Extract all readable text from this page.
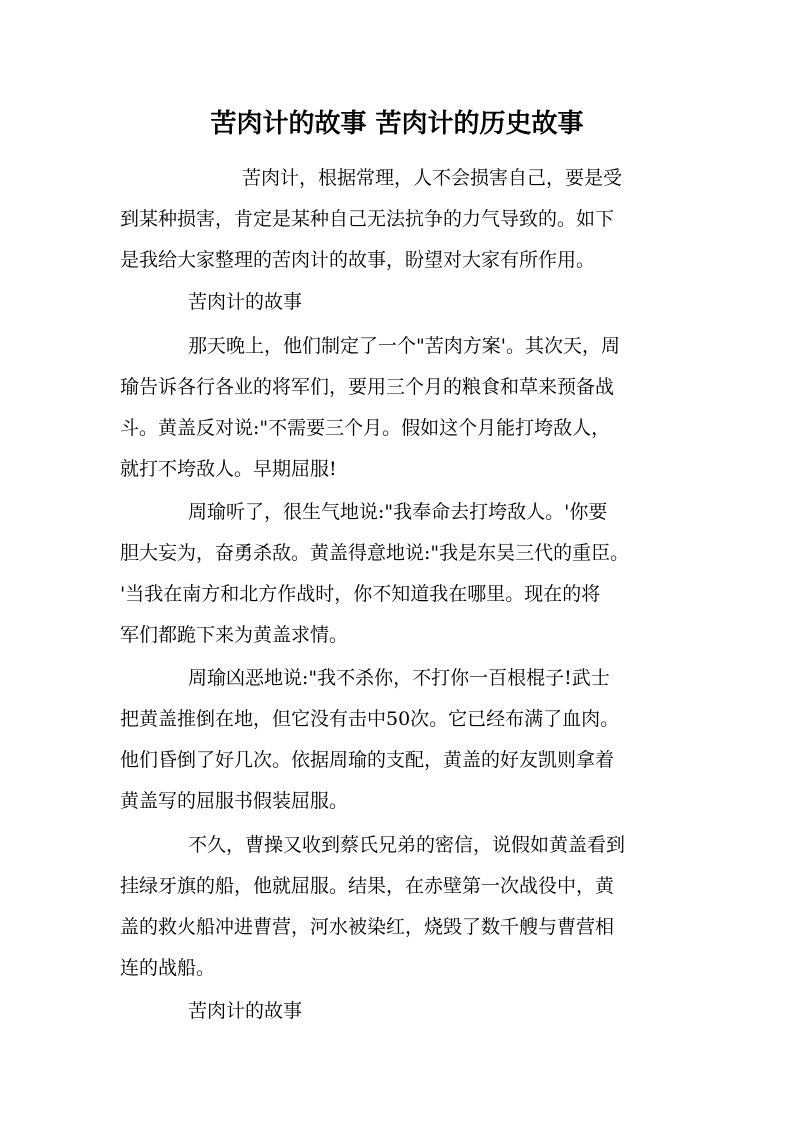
苦肉计的故事 苦肉计的历史故事
苦肉计，根据常理，人不会损害自己，要是受
到某种损害，肯定是某种自己无法抗争的力气导致的。如下
是我给大家整理的苦肉计的故事，盼望对大家有所作用。
苦肉计的故事
那天晚上，他们制定了一个"苦肉方案'。其次天，周
瑜告诉各行各业的将军们，要用三个月的粮食和草来预备战
斗。黄盖反对说:"不需要三个月。假如这个月能打垮敌人，
就打不垮敌人。早期屈服!
周瑜听了，很生气地说:"我奉命去打垮敌人。'你要
胆大妄为，奋勇杀敌。黄盖得意地说:"我是东吴三代的重臣。
'当我在南方和北方作战时，你不知道我在哪里。现在的将
军们都跪下来为黄盖求情。
周瑜凶恶地说:"我不杀你，不打你一百根棍子!武士
把黄盖推倒在地，但它没有击中50次。它已经布满了血肉。
他们昏倒了好几次。依据周瑜的支配，黄盖的好友凯则拿着
黄盖写的屈服书假装屈服。
不久，曹操又收到蔡氏兄弟的密信，说假如黄盖看到
挂绿牙旗的船，他就屈服。结果，在赤壁第一次战役中，黄
盖的救火船冲进曹营，河水被染红，烧毁了数千艘与曹营相
连的战船。
苦肉计的故事
